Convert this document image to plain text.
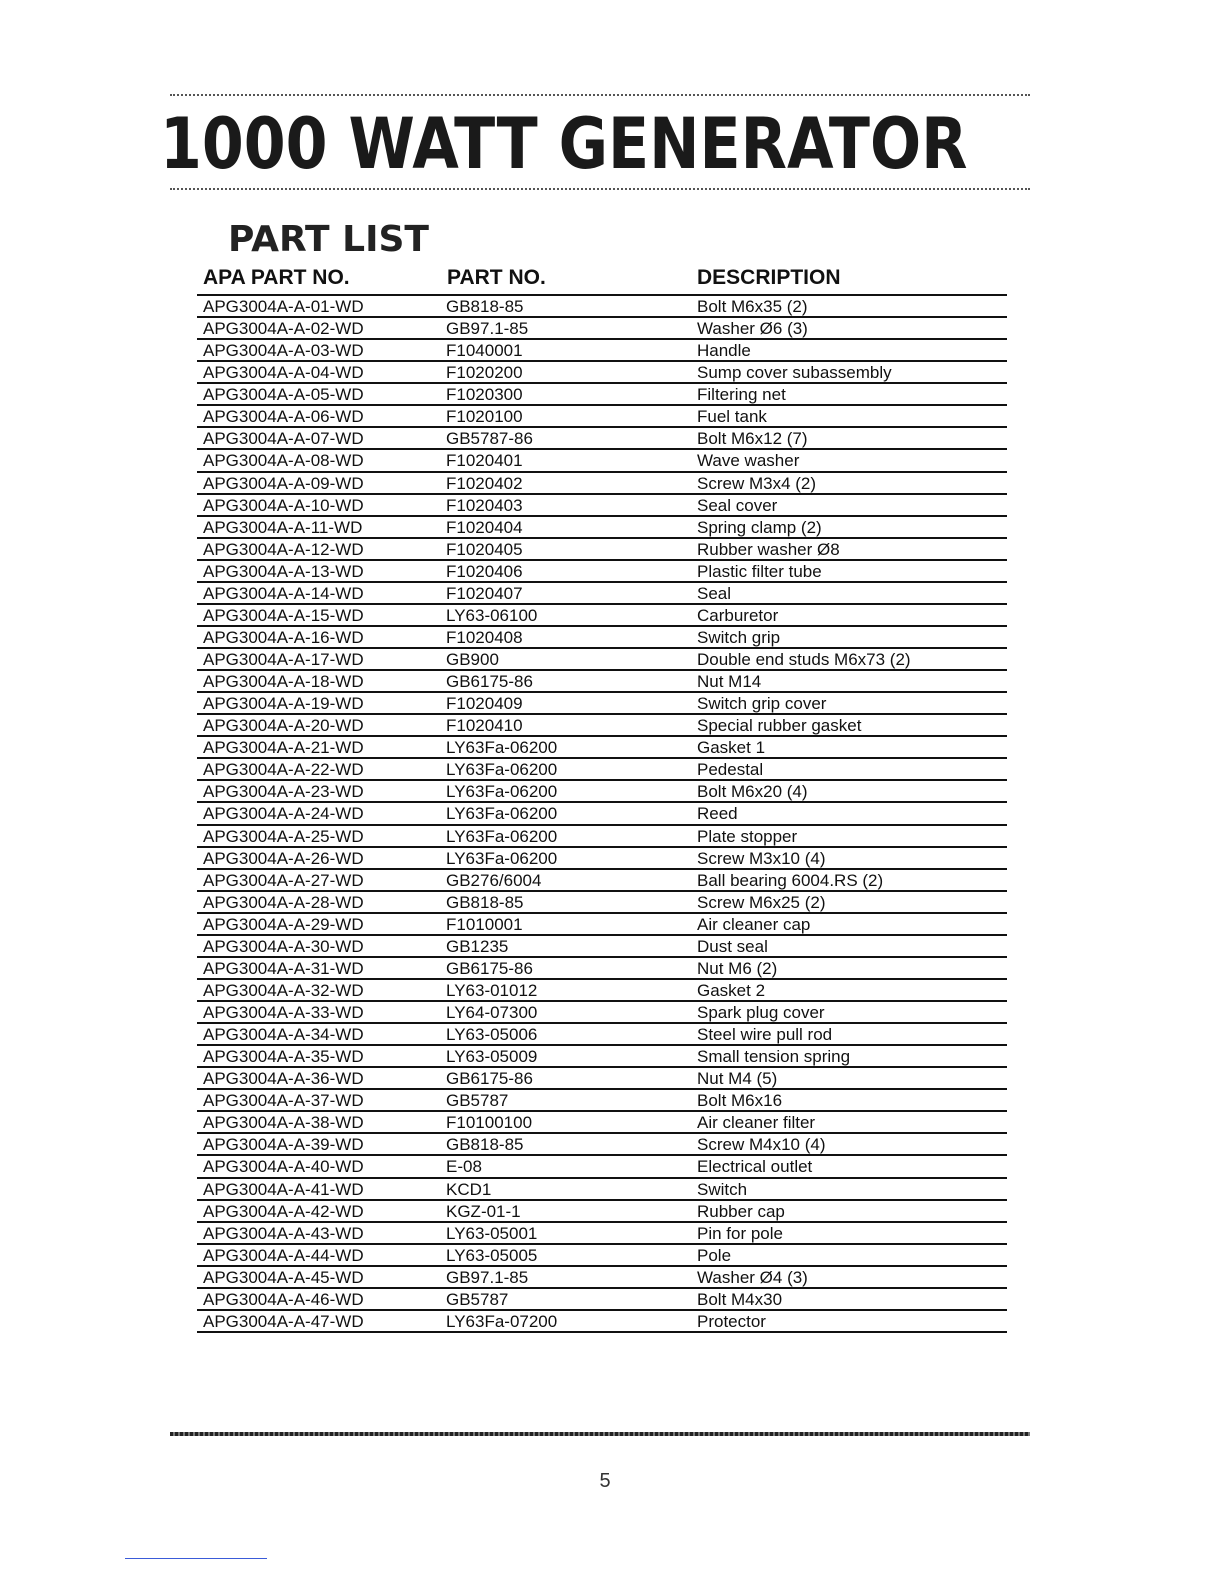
1000 WATT GENERATOR
PART LIST
APA PART NO.	PART NO.	DESCRIPTION
APG3004A-A-01-WD	GB818-85	Bolt M6x35 (2)
APG3004A-A-02-WD	GB97.1-85	Washer Ø6 (3)
APG3004A-A-03-WD	F1040001	Handle
APG3004A-A-04-WD	F1020200	Sump cover subassembly
APG3004A-A-05-WD	F1020300	Filtering net
APG3004A-A-06-WD	F1020100	Fuel tank
APG3004A-A-07-WD	GB5787-86	Bolt M6x12 (7)
APG3004A-A-08-WD	F1020401	Wave washer
APG3004A-A-09-WD	F1020402	Screw M3x4 (2)
APG3004A-A-10-WD	F1020403	Seal cover
APG3004A-A-11-WD	F1020404	Spring clamp (2)
APG3004A-A-12-WD	F1020405	Rubber washer Ø8
APG3004A-A-13-WD	F1020406	Plastic filter tube
APG3004A-A-14-WD	F1020407	Seal
APG3004A-A-15-WD	LY63-06100	Carburetor
APG3004A-A-16-WD	F1020408	Switch grip
APG3004A-A-17-WD	GB900	Double end studs M6x73 (2)
APG3004A-A-18-WD	GB6175-86	Nut M14
APG3004A-A-19-WD	F1020409	Switch grip cover
APG3004A-A-20-WD	F1020410	Special rubber gasket
APG3004A-A-21-WD	LY63Fa-06200	Gasket 1
APG3004A-A-22-WD	LY63Fa-06200	Pedestal
APG3004A-A-23-WD	LY63Fa-06200	Bolt M6x20 (4)
APG3004A-A-24-WD	LY63Fa-06200	Reed
APG3004A-A-25-WD	LY63Fa-06200	Plate stopper
APG3004A-A-26-WD	LY63Fa-06200	Screw M3x10 (4)
APG3004A-A-27-WD	GB276/6004	Ball bearing 6004.RS (2)
APG3004A-A-28-WD	GB818-85	Screw M6x25 (2)
APG3004A-A-29-WD	F1010001	Air cleaner cap
APG3004A-A-30-WD	GB1235	Dust seal
APG3004A-A-31-WD	GB6175-86	Nut M6 (2)
APG3004A-A-32-WD	LY63-01012	Gasket 2
APG3004A-A-33-WD	LY64-07300	Spark plug cover
APG3004A-A-34-WD	LY63-05006	Steel wire pull rod
APG3004A-A-35-WD	LY63-05009	Small tension spring
APG3004A-A-36-WD	GB6175-86	Nut M4 (5)
APG3004A-A-37-WD	GB5787	Bolt M6x16
APG3004A-A-38-WD	F10100100	Air cleaner filter
APG3004A-A-39-WD	GB818-85	Screw M4x10 (4)
APG3004A-A-40-WD	E-08	Electrical outlet
APG3004A-A-41-WD	KCD1	Switch
APG3004A-A-42-WD	KGZ-01-1	Rubber cap
APG3004A-A-43-WD	LY63-05001	Pin for pole
APG3004A-A-44-WD	LY63-05005	Pole
APG3004A-A-45-WD	GB97.1-85	Washer Ø4 (3)
APG3004A-A-46-WD	GB5787	Bolt M4x30
APG3004A-A-47-WD	LY63Fa-07200	Protector
5
